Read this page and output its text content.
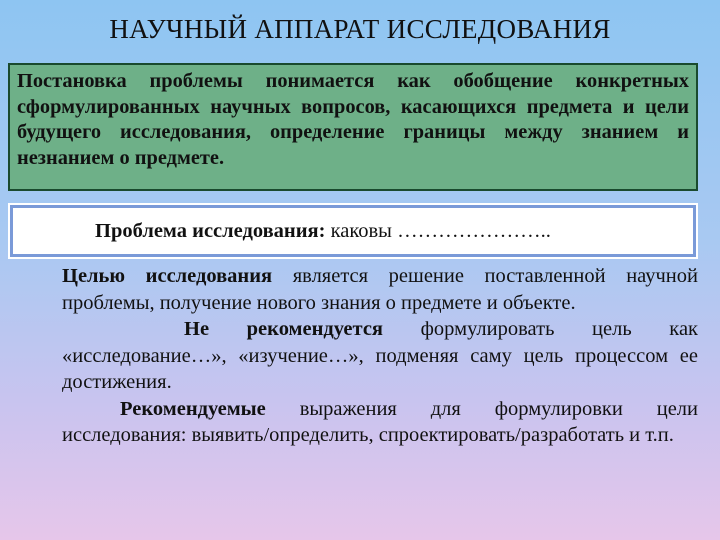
НАУЧНЫЙ АППАРАТ ИССЛЕДОВАНИЯ

Постановка проблемы понимается как обобщение конкретных сформулированных научных вопросов, касающихся предмета и цели будущего исследования, определение границы между знанием и незнанием о предмете.

Проблема исследования: каковы …………………..

Целью исследования является решение поставленной научной проблемы, получение нового знания о предмете и объекте.

Не рекомендуется формулировать цель как «исследование…», «изучение…», подменяя саму цель процессом ее достижения.

Рекомендуемые выражения для формулировки цели исследования: выявить/определить, спроектировать/разработать и т.п.
